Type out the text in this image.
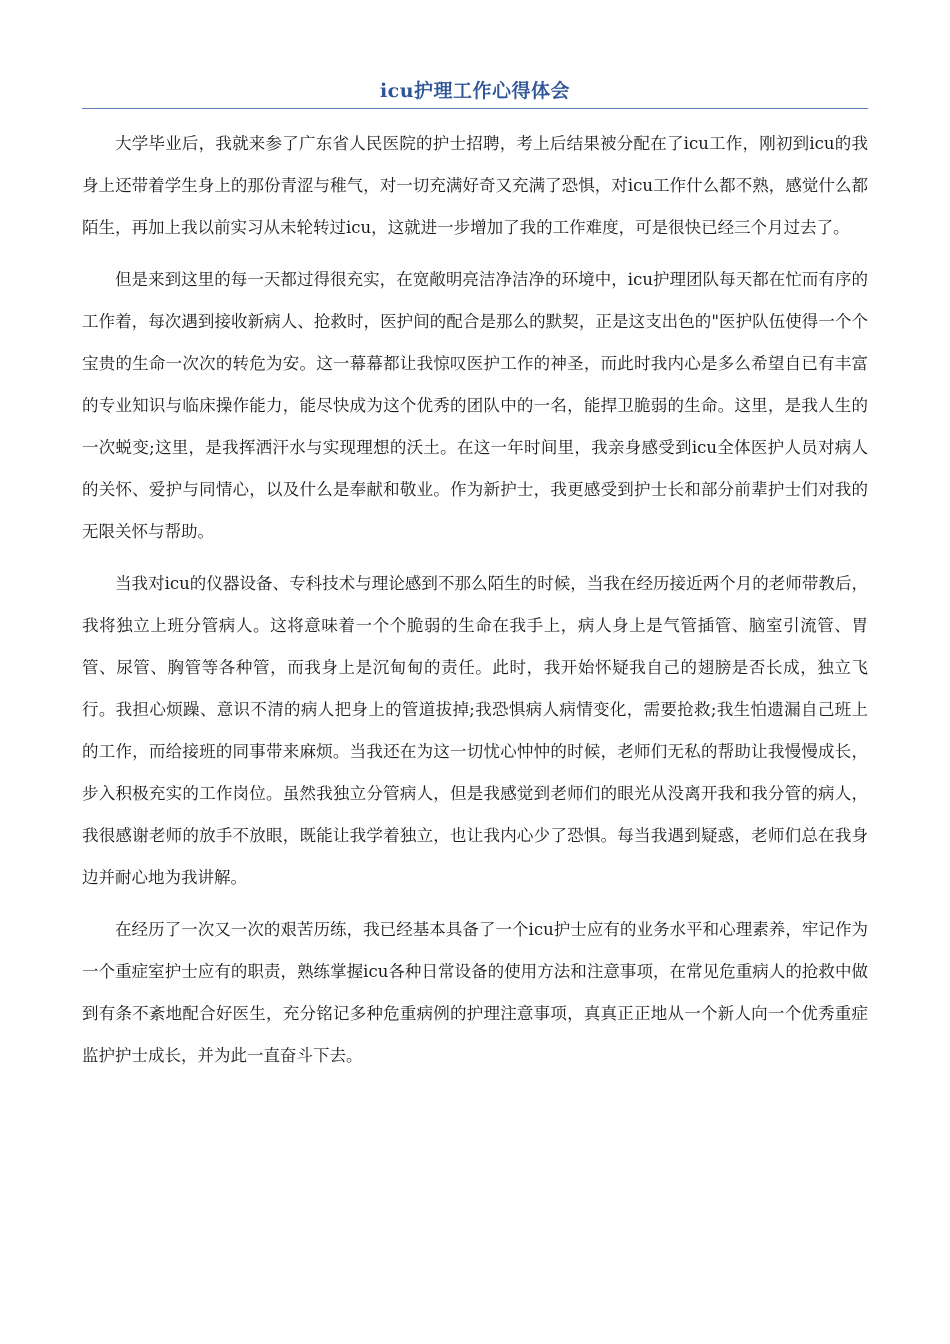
icu护理工作心得体会

大学毕业后，我就来参了广东省人民医院的护士招聘，考上后结果被分配在了icu工作，刚初到icu的我身上还带着学生身上的那份青涩与稚气，对一切充满好奇又充满了恐惧，对icu工作什么都不熟，感觉什么都陌生，再加上我以前实习从未轮转过icu，这就进一步增加了我的工作难度，可是很快已经三个月过去了。

但是来到这里的每一天都过得很充实，在宽敞明亮洁净洁净的环境中，icu护理团队每天都在忙而有序的工作着，每次遇到接收新病人、抢救时，医护间的配合是那么的默契，正是这支出色的"医护队伍使得一个个宝贵的生命一次次的转危为安。这一幕幕都让我惊叹医护工作的神圣，而此时我内心是多么希望自已有丰富的专业知识与临床操作能力，能尽快成为这个优秀的团队中的一名，能捍卫脆弱的生命。这里，是我人生的一次蜕变;这里，是我挥洒汗水与实现理想的沃土。在这一年时间里，我亲身感受到icu全体医护人员对病人的关怀、爱护与同情心，以及什么是奉献和敬业。作为新护士，我更感受到护士长和部分前辈护士们对我的无限关怀与帮助。

当我对icu的仪器设备、专科技术与理论感到不那么陌生的时候，当我在经历接近两个月的老师带教后，我将独立上班分管病人。这将意味着一个个脆弱的生命在我手上，病人身上是气管插管、脑室引流管、胃管、尿管、胸管等各种管，而我身上是沉甸甸的责任。此时，我开始怀疑我自己的翅膀是否长成，独立飞行。我担心烦躁、意识不清的病人把身上的管道拔掉;我恐惧病人病情变化，需要抢救;我生怕遗漏自己班上的工作，而给接班的同事带来麻烦。当我还在为这一切忧心忡忡的时候，老师们无私的帮助让我慢慢成长，步入积极充实的工作岗位。虽然我独立分管病人，但是我感觉到老师们的眼光从没离开我和我分管的病人，我很感谢老师的放手不放眼，既能让我学着独立，也让我内心少了恐惧。每当我遇到疑惑，老师们总在我身边并耐心地为我讲解。

在经历了一次又一次的艰苦历练，我已经基本具备了一个icu护士应有的业务水平和心理素养，牢记作为一个重症室护士应有的职责，熟练掌握icu各种日常设备的使用方法和注意事项，在常见危重病人的抢救中做到有条不紊地配合好医生，充分铭记多种危重病例的护理注意事项，真真正正地从一个新人向一个优秀重症监护护士成长，并为此一直奋斗下去。
